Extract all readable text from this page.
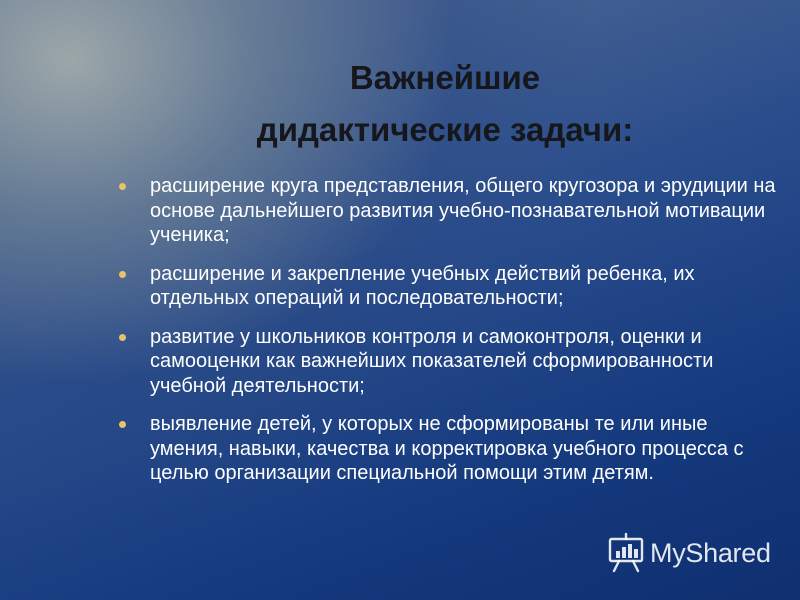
Важнейшие
дидактические задачи:
расширение круга представления, общего кругозора и эрудиции на основе дальнейшего развития учебно-познавательной мотивации ученика;
расширение и закрепление учебных действий ребенка, их отдельных операций и последовательности;
развитие у школьников контроля и самоконтроля, оценки и самооценки как важнейших показателей сформированности учебной деятельности;
выявление детей, у которых не сформированы те или иные умения, навыки, качества и корректировка учебного процесса с целью организации специальной помощи этим детям.
MyShared
